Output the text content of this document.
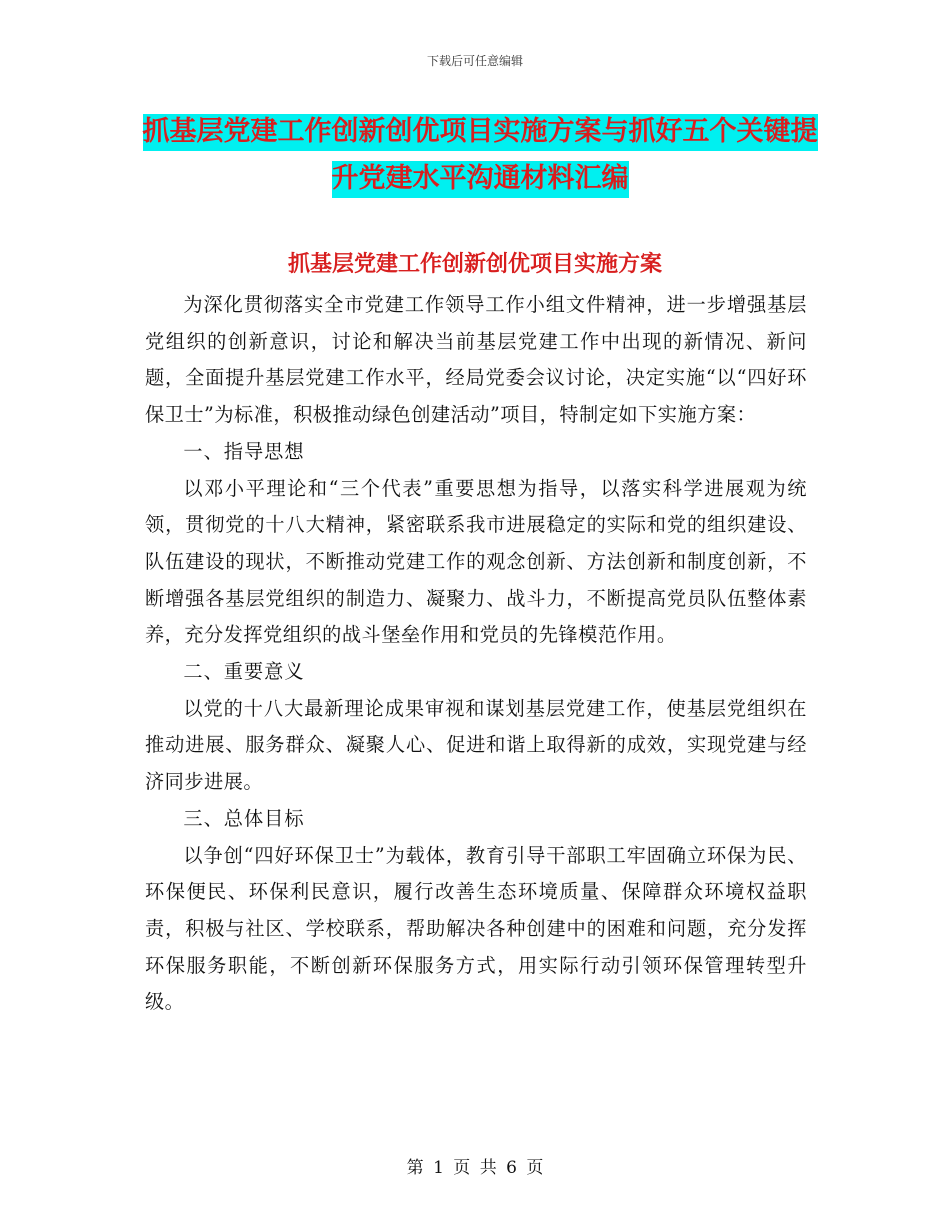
下载后可任意编辑
抓基层党建工作创新创优项目实施方案与抓好五个关键提升党建水平沟通材料汇编
抓基层党建工作创新创优项目实施方案

为深化贯彻落实全市党建工作领导工作小组文件精神，进一步增强基层党组织的创新意识，讨论和解决当前基层党建工作中出现的新情况、新问题，全面提升基层党建工作水平，经局党委会议讨论，决定实施“以“四好环保卫士”为标准，积极推动绿色创建活动”项目，特制定如下实施方案：

一、指导思想

以邓小平理论和“三个代表”重要思想为指导，以落实科学进展观为统领，贯彻党的十八大精神，紧密联系我市进展稳定的实际和党的组织建设、队伍建设的现状，不断推动党建工作的观念创新、方法创新和制度创新，不断增强各基层党组织的制造力、凝聚力、战斗力，不断提高党员队伍整体素养，充分发挥党组织的战斗堡垒作用和党员的先锋模范作用。

二、重要意义

以党的十八大最新理论成果审视和谋划基层党建工作，使基层党组织在推动进展、服务群众、凝聚人心、促进和谐上取得新的成效，实现党建与经济同步进展。

三、总体目标

以争创“四好环保卫士”为载体，教育引导干部职工牢固确立环保为民、环保便民、环保利民意识，履行改善生态环境质量、保障群众环境权益职责，积极与社区、学校联系，帮助解决各种创建中的困难和问题，充分发挥环保服务职能，不断创新环保服务方式，用实际行动引领环保管理转型升级。

第 1 页 共 6 页
